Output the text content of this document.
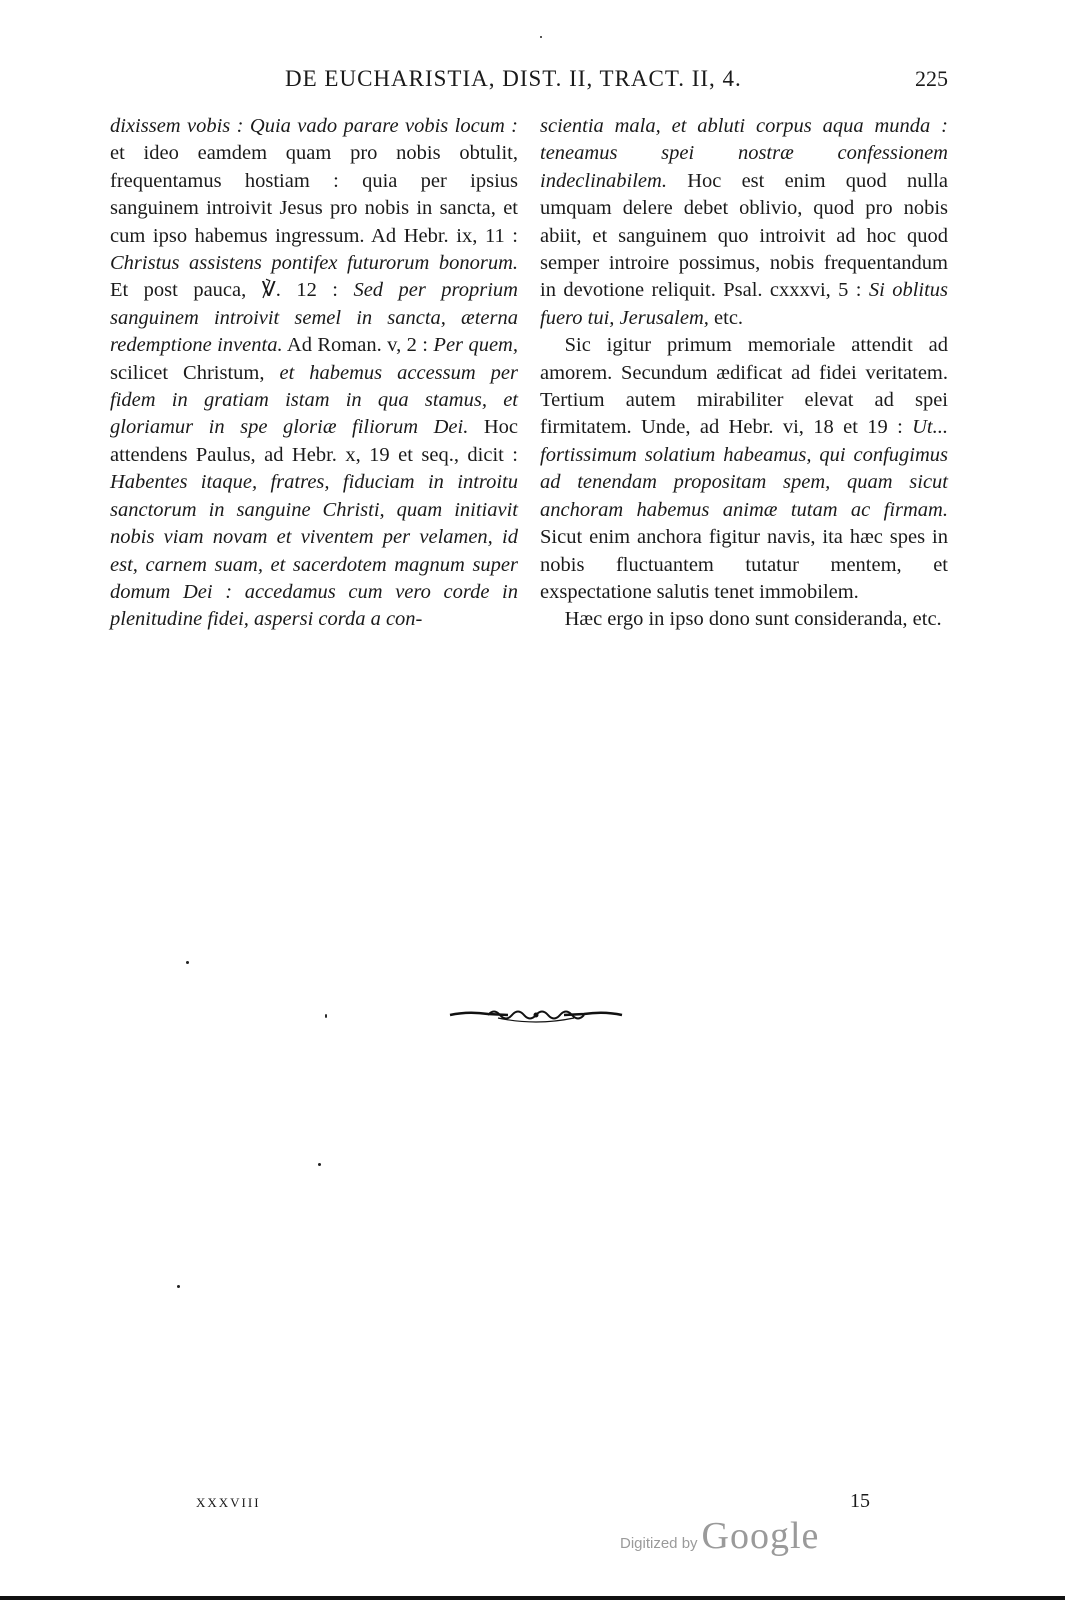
DE EUCHARISTIA, DIST. II, TRACT. II, 4.	225

dixissem vobis : Quia vado parare vobis locum : et ideo eamdem quam pro nobis obtulit, frequentamus hostiam : quia per ipsius sanguinem introivit Jesus pro nobis in sancta, et cum ipso habemus ingressum. Ad Hebr. ix, 11 : Christus assistens pontifex futurorum bonorum. Et post pauca, ℣. 12 : Sed per proprium sanguinem introivit semel in sancta, æterna redemptione inventa. Ad Roman. v, 2 : Per quem, scilicet Christum, et habemus accessum per fidem in gratiam istam in qua stamus, et gloriamur in spe gloriæ filiorum Dei. Hoc attendens Paulus, ad Hebr. x, 19 et seq., dicit : Habentes itaque, fratres, fiduciam in introitu sanctorum in sanguine Christi, quam initiavit nobis viam novam et viventem per velamen, id est, carnem suam, et sacerdotem magnum super domum Dei : accedamus cum vero corde in plenitudine fidei, aspersi corda a con-

scientia mala, et abluti corpus aqua munda : teneamus spei nostræ confessionem indeclinabilem. Hoc est enim quod nulla umquam delere debet oblivio, quod pro nobis abiit, et sanguinem quo introivit ad hoc quod semper introire possimus, nobis frequentandum in devotione reliquit. Psal. cxxxvi, 5 : Si oblitus fuero tui, Jerusalem, etc.

Sic igitur primum memoriale attendit ad amorem. Secundum ædificat ad fidei veritatem. Tertium autem mirabiliter elevat ad spei firmitatem. Unde, ad Hebr. vi, 18 et 19 : Ut... fortissimum solatium habeamus, qui confugimus ad tenendam propositam spem, quam sicut anchoram habemus animæ tutam ac firmam. Sicut enim anchora figitur navis, ita hæc spes in nobis fluctuantem tutatur mentem, et exspectatione salutis tenet immobilem.

Hæc ergo in ipso dono sunt consideranda, etc.

XXXVIII	15
Digitized by Google
